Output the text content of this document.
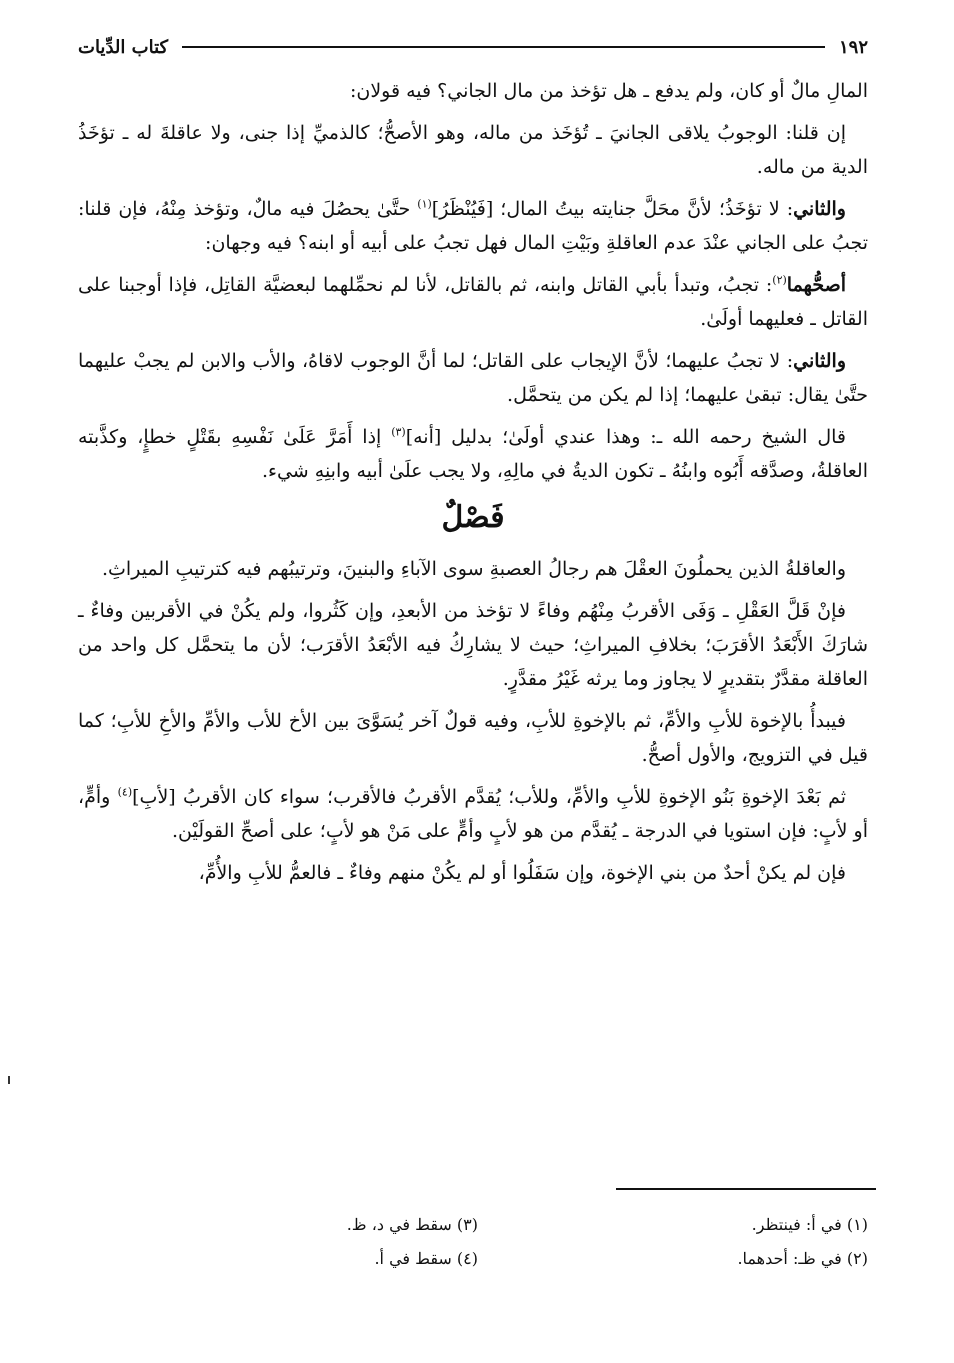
١٩٢
كتاب الدِّيات

المالِ مالٌ أو كان، ولم يدفع ـ هل تؤخذ من مال الجاني؟ فيه قولان:

إن قلنا: الوجوبُ يلاقى الجانيَ ـ تُؤخَذ من ماله، وهو الأصحُّ؛ كالذميِّ إذا جنى، ولا عاقلةَ له ـ تؤخَذُ الدية من ماله.

والثاني: لا تؤخَذُ؛ لأنَّ محَلَّ جنايته بيتُ المال؛ [فَيُنْظَرُ]$^{(١)}$ حتَّىٰ يحصُلَ فيه مالٌ، وتؤخذ مِنْهُ، فإن قلنا: تجبُ على الجاني عنْدَ عدم العاقلةِ وبَيْتِ المال فهل تجبُ على أبيه أو ابنه؟ فيه وجهان:

أصحُّهما$^{(٢)}$: تجبُ، وتبدأ بأبي القاتل وابنه، ثم بالقاتل، لأنا لم نحمِّلهما لبعضيَّة القاتِل، فإذا أوجبنا على القاتل ـ فعليهما أولَىٰ.

والثاني: لا تجبُ عليهما؛ لأنَّ الإيجاب على القاتل؛ لما أنَّ الوجوب لاقاهُ، والأب والابن لم يجبْ عليهما حتَّىٰ يقال: تبقىٰ عليهما؛ إذا لم يكن من يتحمَّل.

قال الشيخ رحمه الله ـ: وهذا عندي أولَىٰ؛ بدليل [أنه]$^{(٣)}$ إذا أَمَرَّ عَلَىٰ نَفْسِهِ بقَتْلٍ خطإٍ، وكذَّبته العاقلةُ، وصدَّقه أَبُوه وابنُهُ ـ تكون الديةُ في مالِهِ، ولا يجب علَىٰ أبيه وابنِهِ شيء.

فَصْلٌ

والعاقلةُ الذين يحملُونَ العقْلَ هم رجالُ العصبةِ سوى الآباءِ والبنينَ، وترتيبُهم فيه كترتيبِ الميراثِ.

فإنْ قَلَّ العَقْلِ ـ وَفَى الأقربُ مِنْهُم وفاءً لا تؤخذ من الأبعدِ، وإن كَثُروا، ولم يكُنْ في الأقربين وفاءٌ ـ شارَكَ الأَبْعَدُ الأقرَبَ؛ بخلافِ الميراثِ؛ حيث لا يشارِكُ فيه الأبْعَدُ الأقرَب؛ لأن ما يتحمَّل كل واحد من العاقلة مقدَّرٌ بتقديرٍ لا يجاوز وما يرثه غَيْرُ مقدَّرٍ.

فيبدأُ بالإخوة للأبِ والأمِّ، ثم بالإخوةِ للأبِ، وفيه قولٌ آخر يُسَوَّىَ بين الأخ للأب والأمِّ والأخِ للأبِ؛ كما قيل في التزويج، والأول أصحُّ.

ثم بَعْدَ الإخوةِ بَنُو الإخوةِ للأبِ والأمِّ، وللأب؛ يُقدَّم الأقربُ فالأقرب؛ سواء كان الأقربُ [لأبِ]$^{(٤)}$ وأمٍّ، أو لأبٍ: فإن استويا في الدرجة ـ يُقدَّم من هو لأبٍ وأمٍّ على مَنْ هو لأبٍ؛ على أصحِّ القولَيْن.

فإن لم يكنْ أحدٌ من بني الإخوة، وإن سَفَلُوا أو لم يكُنْ منهم وفاءٌ ـ فالعمُّ للأبِ والأُمِّ،

(١) في أ: فينتظر.
(٢) في ظـ: أحدهما.
(٣) سقط في د، ظ.
(٤) سقط في أ.
